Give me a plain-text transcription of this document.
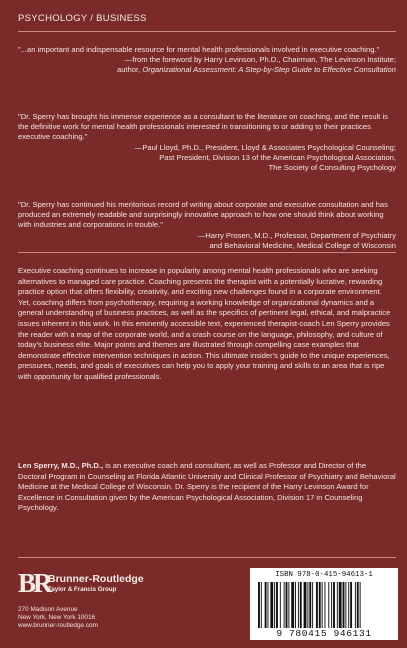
PSYCHOLOGY / BUSINESS

"...an important and indispensable resource for mental health professionals involved in executive coaching."

—from the foreword by Harry Levinson, Ph.D., Chairman, The Levinson Institute;

author, Organizational Assessment: A Step-by-Step Guide to Effective Consultation

"Dr. Sperry has brought his immense experience as a consultant to the literature on coaching, and the result is the definitive work for mental health professionals interested in transitioning to or adding to their practices executive coaching."

—Paul Lloyd, Ph.D., President, Lloyd & Associates Psychological Counseling;

Past President, Division 13 of the American Psychological Association,

The Society of Consulting Psychology

"Dr. Sperry has continued his meritorious record of writing about corporate and executive consultation and has produced an extremely readable and surprisingly innovative approach to how one should think about working with industries and corporations in trouble."

—Harry Prosen, M.D., Professor, Department of Psychiatry

and Behavioral Medicine, Medical College of Wisconsin

Executive coaching continues to increase in popularity among mental health professionals who are seeking alternatives to managed care practice. Coaching presents the therapist with a potentially lucrative, rewarding practice option that offers flexibility, creativity, and exciting new challenges found in a corporate environment. Yet, coaching differs from psychotherapy, requiring a working knowledge of organizational dynamics and a general understanding of business practices, as well as the specifics of pertinent legal, ethical, and malpractice issues inherent in this work. In this eminently accessible text, experienced therapist-coach Len Sperry provides the reader with a map of the corporate world, and a crash course on the language, philosophy, and culture of today's business elite. Major points and themes are illustrated through compelling case examples that demonstrate effective intervention techniques in action. This ultimate insider's guide to the unique experiences, pressures, needs, and goals of executives can help you to apply your training and skills to an area that is ripe with opportunity for qualified professionals.

Len Sperry, M.D., Ph.D., is an executive coach and consultant, as well as Professor and Director of the Doctoral Program in Counseling at Florida Atlantic University and Clinical Professor of Psychiatry and Behavioral Medicine at the Medical College of Wisconsin. Dr. Sperry is the recipient of the Harry Levinson Award for Excellence in Consultation given by the American Psychological Association, Division 17 in Counseling Psychology.

BR
Brunner-Routledge
Taylor & Francis Group
270 Madison Avenue
New York, New York 10016
www.brunner-routledge.com
ISBN 978-0-415-94613-1
9 780415 946131
